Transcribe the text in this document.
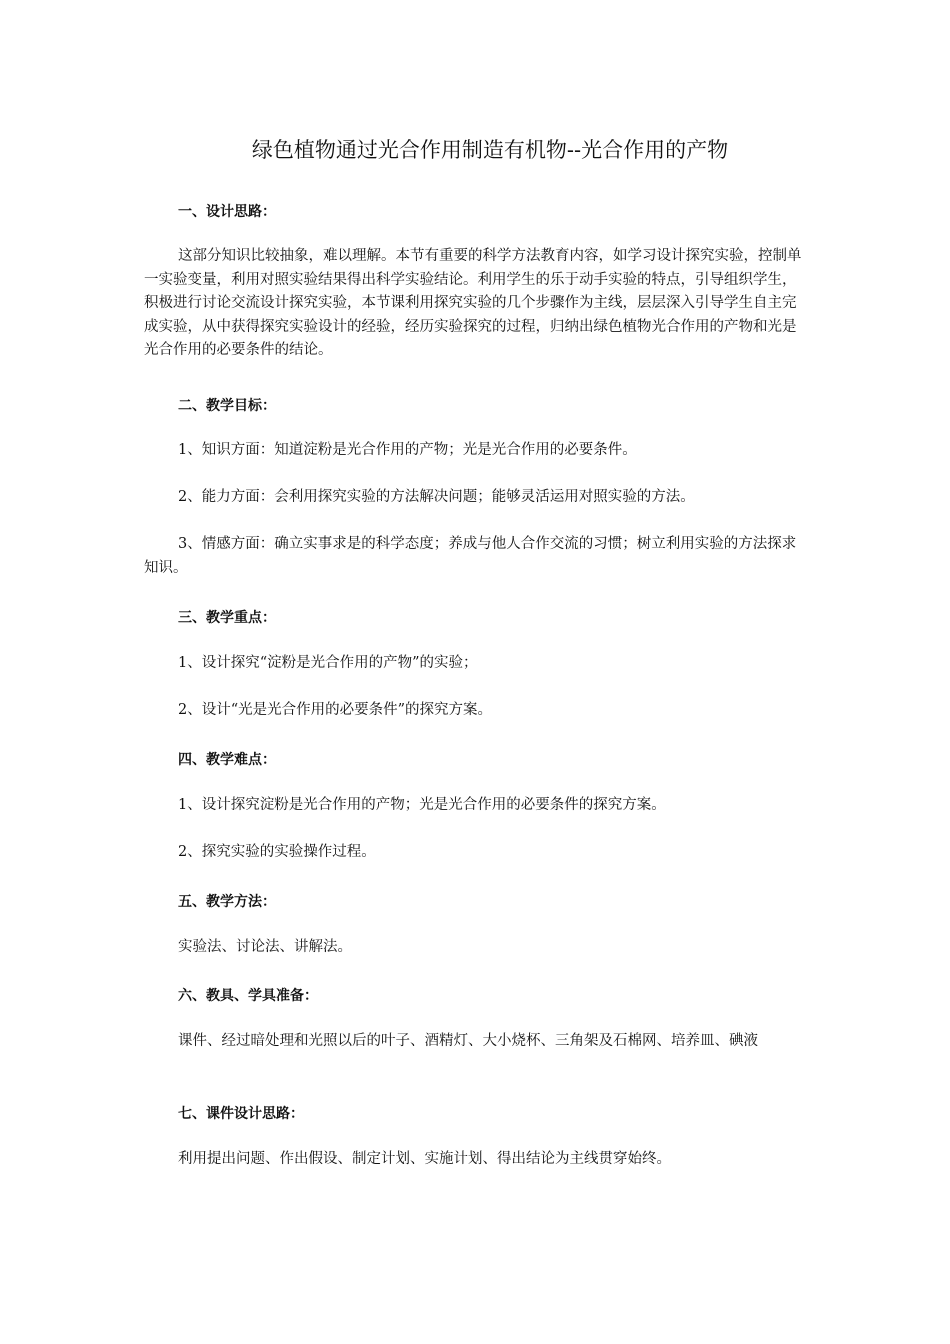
绿色植物通过光合作用制造有机物--光合作用的产物
一、设计思路：
这部分知识比较抽象，难以理解。本节有重要的科学方法教育内容，如学习设计探究实验，控制单一实验变量，利用对照实验结果得出科学实验结论。利用学生的乐于动手实验的特点，引导组织学生，积极进行讨论交流设计探究实验，本节课利用探究实验的几个步骤作为主线，层层深入引导学生自主完成实验，从中获得探究实验设计的经验，经历实验探究的过程，归纳出绿色植物光合作用的产物和光是光合作用的必要条件的结论。
二、教学目标：
1、知识方面：知道淀粉是光合作用的产物；光是光合作用的必要条件。
2、能力方面：会利用探究实验的方法解决问题；能够灵活运用对照实验的方法。
3、情感方面：确立实事求是的科学态度；养成与他人合作交流的习惯；树立利用实验的方法探求知识。
三、教学重点：
1、设计探究“淀粉是光合作用的产物”的实验；
2、设计“光是光合作用的必要条件”的探究方案。
四、教学难点：
1、设计探究淀粉是光合作用的产物；光是光合作用的必要条件的探究方案。
2、探究实验的实验操作过程。
五、教学方法：
实验法、讨论法、讲解法。
六、教具、学具准备：
课件、经过暗处理和光照以后的叶子、酒精灯、大小烧杯、三角架及石棉网、培养皿、碘液
七、课件设计思路：
利用提出问题、作出假设、制定计划、实施计划、得出结论为主线贯穿始终。
